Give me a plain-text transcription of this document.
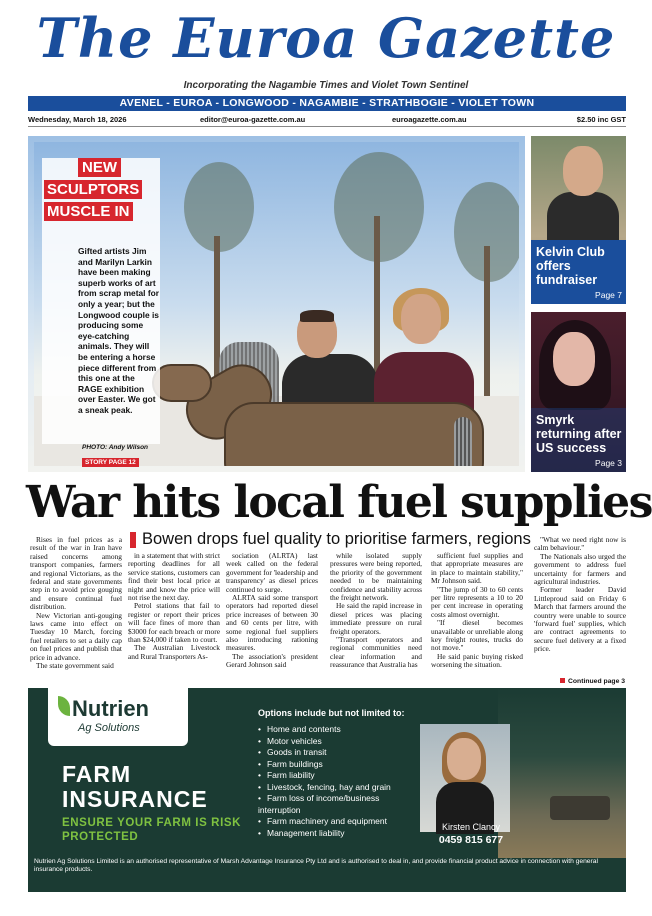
The Euroa Gazette
Incorporating the Nagambie Times and Violet Town Sentinel
AVENEL - EUROA - LONGWOOD - NAGAMBIE - STRATHBOGIE - VIOLET TOWN
Wednesday, March 18, 2026	editor@euroa-gazette.com.au	euroagazette.com.au	$2.50 inc GST
NEW
SCULPTORS
MUSCLE IN
Gifted artists Jim and Marilyn Larkin have been making superb works of art from scrap metal for only a year; but the Longwood couple is producing some eye-catching animals. They will be entering a horse piece different from this one at the RAGE exhibition over Easter. We got a sneak peak.
PHOTO: Andy Wilson
STORY PAGE 12
Kelvin Club offers fundraiser
Page 7
Smyrk returning after US success
Page 3
War hits local fuel supplies
Bowen drops fuel quality to prioritise farmers, regions

Rises in fuel prices as a result of the war in Iran have raised concerns among transport companies, farmers and regional Victorians, as the federal and state governments step in to avoid price gouging and ensure continual fuel distribution.

New Victorian anti-gouging laws came into effect on Tuesday 10 March, forcing fuel retailers to set a daily cap on fuel prices and publish that price in advance.

The state government said

in a statement that with strict reporting deadlines for all service stations, customers can find their best local price at night and know the price will not rise the next day.

Petrol stations that fail to register or report their prices will face fines of more than $3000 for each breach or more than $24,000 if taken to court.

The Australian Livestock and Rural Transporters As-

sociation (ALRTA) last week called on the federal government for 'leadership and transparency' as diesel prices continued to surge.

ALRTA said some transport operators had reported diesel price increases of between 30 and 60 cents per litre, with some regional fuel suppliers also introducing rationing measures.

The association's president Gerard Johnson said

while isolated supply pressures were being reported, the priority of the government needed to be maintaining confidence and stability across the freight network.

He said the rapid increase in diesel prices was placing immediate pressure on rural freight operators.

"Transport operators and regional communities need clear information and reassurance that Australia has

sufficient fuel supplies and that appropriate measures are in place to maintain stability," Mr Johnson said.

"The jump of 30 to 60 cents per litre represents a 10 to 20 per cent increase in operating costs almost overnight.

"If diesel becomes unavailable or unreliable along key freight routes, trucks do not move."

He said panic buying risked worsening the situation.

"What we need right now is calm behaviour."

The Nationals also urged the government to address fuel uncertainty for farmers and agricultural industries.

Former leader David Littleproud said on Friday 6 March that farmers around the country were unable to source 'forward fuel' supplies, which are contract agreements to secure fuel delivery at a fixed price.

Continued page 3
Nutrien
Ag Solutions
FARM
INSURANCE
ENSURE YOUR FARM IS RISK
PROTECTED
Options include but not limited to:
• Home and contents
• Motor vehicles
• Goods in transit
• Farm buildings
• Farm liability
• Livestock, fencing, hay and grain
• Farm loss of income/business interruption
• Farm machinery and equipment
• Management liability
Kirsten Clancy
0459 815 677
Nutrien Ag Solutions Limited is an authorised representative of Marsh Advantage Insurance Pty Ltd and is authorised to deal in, and provide financial product advice in connection with general insurance products.
